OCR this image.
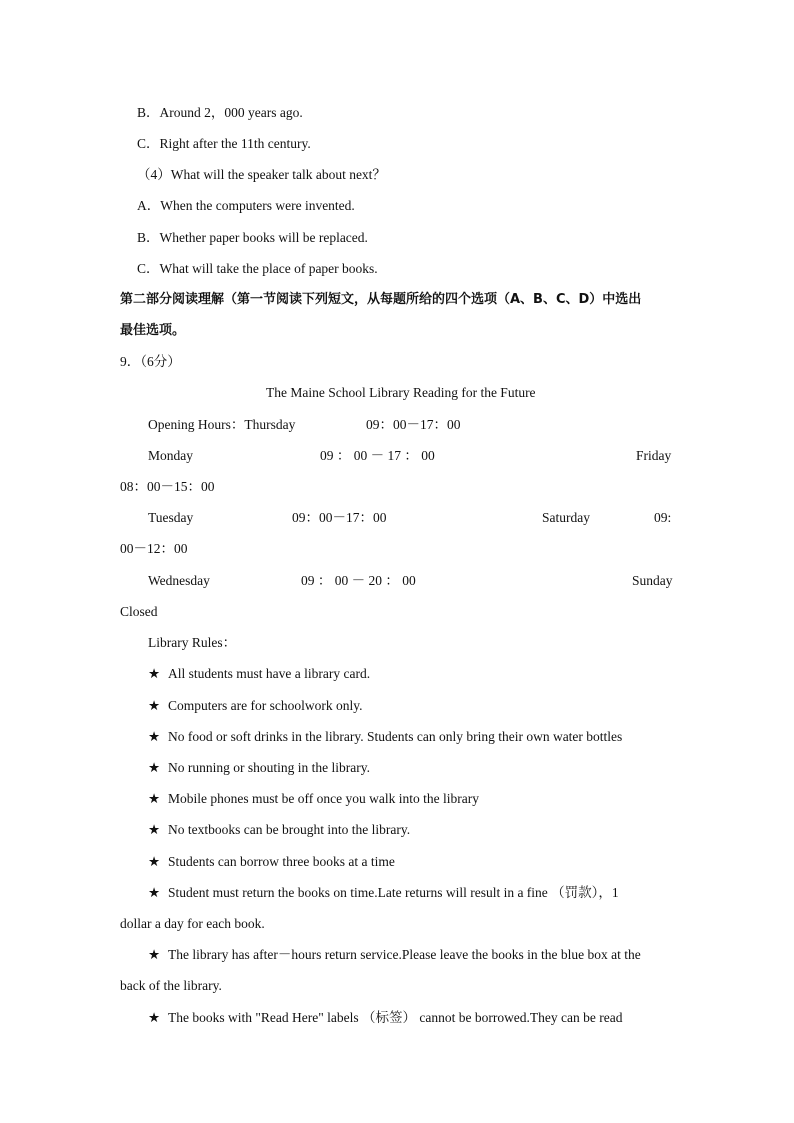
B．Around 2，000 years ago.
C．Right after the 11th century.
（4）What will the speaker talk about next？
A．When the computers were invented.
B．Whether paper books will be replaced.
C．What will take the place of paper books.
第二部分阅读理解（第一节阅读下列短文，从每题所给的四个选项（A、B、C、D）中选出
最佳选项。
9．（6分）
The Maine School Library Reading for the Future
Opening Hours：Thursday	09：00－17：00
Monday	09 ： 00 － 17 ： 00	Friday
08：00－15：00
Tuesday	09：00－17：00	Saturday	09:
00－12：00
Wednesday	09 ： 00 － 20 ： 00	Sunday
Closed
Library Rules：
★ All students must have a library card.
★ Computers are for schoolwork only.
★ No food or soft drinks in the library. Students can only bring their own water bottles
★ No running or shouting in the library.
★ Mobile phones must be off once you walk into the library
★ No textbooks can be brought into the library.
★ Students can borrow three books at a time
★ Student must return the books on time.Late returns will result in a fine （罚款），1
dollar a day for each book.
★ The library has after－hours return service.Please leave the books in the blue box at the
back of the library.
★ The books with "Read Here" labels （标签） cannot be borrowed.They can be read
